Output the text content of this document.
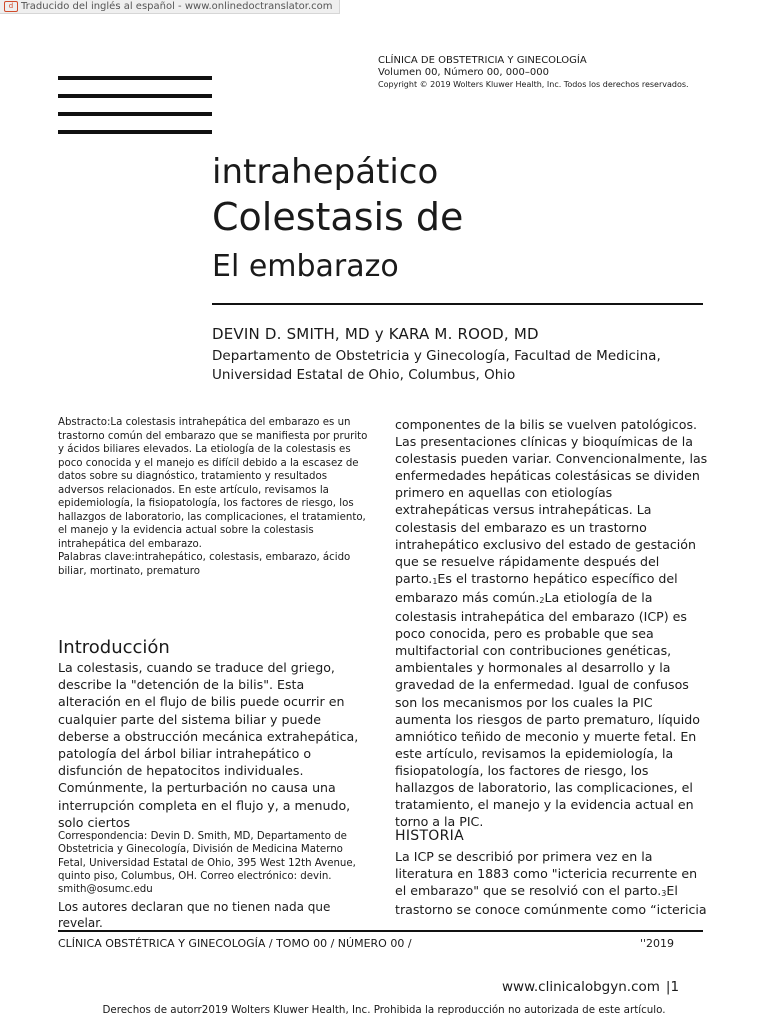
d Traducido del inglés al español - www.onlinedoctranslator.com
CLÍNICA DE OBSTETRICIA Y GINECOLOGÍA
Volumen 00, Número 00, 000–000
Copyright © 2019 Wolters Kluwer Health, Inc. Todos los derechos reservados.
intrahepático
Colestasis de
El embarazo
DEVIN D. SMITH, MD y KARA M. ROOD, MD
Departamento de Obstetricia y Ginecología, Facultad de Medicina,
Universidad Estatal de Ohio, Columbus, Ohio

Abstracto:La colestasis intrahepática del embarazo es un trastorno común del embarazo que se manifiesta por prurito y ácidos biliares elevados. La etiología de la colestasis es poco conocida y el manejo es difícil debido a la escasez de datos sobre su diagnóstico, tratamiento y resultados adversos relacionados. En este artículo, revisamos la epidemiología, la fisiopatología, los factores de riesgo, los hallazgos de laboratorio, las complicaciones, el tratamiento, el manejo y la evidencia actual sobre la colestasis intrahepática del embarazo.

Palabras clave:intrahepático, colestasis, embarazo, ácido biliar, mortinato, prematuro

Introducción
La colestasis, cuando se traduce del griego, describe la "detención de la bilis". Esta alteración en el flujo de bilis puede ocurrir en cualquier parte del sistema biliar y puede deberse a obstrucción mecánica extrahepática, patología del árbol biliar intrahepático o disfunción de hepatocitos individuales. Comúnmente, la perturbación no causa una interrupción completa en el flujo y, a menudo, solo ciertos
Correspondencia: Devin D. Smith, MD, Departamento de Obstetricia y Ginecología, División de Medicina Materno Fetal, Universidad Estatal de Ohio, 395 West 12th Avenue, quinto piso, Columbus, OH. Correo electrónico: devin. smith@osumc.edu
Los autores declaran que no tienen nada que revelar.
componentes de la bilis se vuelven patológicos. Las presentaciones clínicas y bioquímicas de la colestasis pueden variar. Convencionalmente, las enfermedades hepáticas colestásicas se dividen primero en aquellas con etiologías extrahepáticas versus intrahepáticas. La colestasis del embarazo es un trastorno intrahepático exclusivo del estado de gestación que se resuelve rápidamente después del $parto._1Es$ el trastorno hepático específico del embarazo más $común._2La$ etiología de la colestasis intrahepática del embarazo (ICP) es poco conocida, pero es probable que sea multifactorial con contribuciones genéticas, ambientales y hormonales al desarrollo y la gravedad de la enfermedad. Igual de confusos son los mecanismos por los cuales la PIC aumenta los riesgos de parto prematuro, líquido amniótico teñido de meconio y muerte fetal. En este artículo, revisamos la epidemiología, la fisiopatología, los factores de riesgo, los hallazgos de laboratorio, las complicaciones, el tratamiento, el manejo y la evidencia actual en torno a la PIC.
HISTORIA
La ICP se describió por primera vez en la literatura en 1883 como "ictericia recurrente en el embarazo" que se resolvió con el $parto._3El$ trastorno se conoce comúnmente como “ictericia
CLÍNICA OBSTÉTRICA Y GINECOLOGÍA / TOMO 00 / NÚMERO 00 /	''2019
www.clinicalobgyn.com |1
Derechos de autorr2019 Wolters Kluwer Health, Inc. Prohibida la reproducción no autorizada de este artículo.
